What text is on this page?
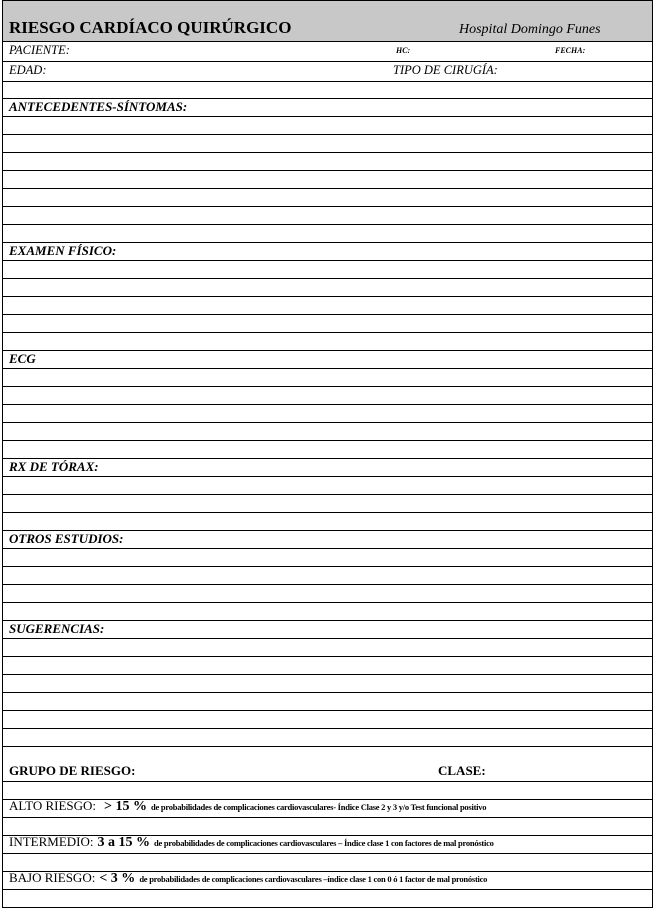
RIESGO CARDÍACO QUIRÚRGICO	Hospital Domingo Funes
PACIENTE:	HC:	FECHA:
EDAD:	TIPO DE CIRUGÍA:
ANTECEDENTES-SÍNTOMAS:
EXAMEN FÍSICO:
ECG
RX DE TÓRAX:
OTROS ESTUDIOS:
SUGERENCIAS:
GRUPO DE RIESGO:	CLASE:
ALTO RIESGO: > 15 % de probabilidades de complicaciones cardiovasculares- Índice Clase 2 y 3 y/o Test funcional positivo
INTERMEDIO: 3 a 15 % de probabilidades de complicaciones cardiovasculares – Índice clase 1 con factores de mal pronóstico
BAJO RIESGO: < 3 % de probabilidades de complicaciones cardiovasculares –índice clase 1 con 0 ó 1 factor de mal pronóstico
